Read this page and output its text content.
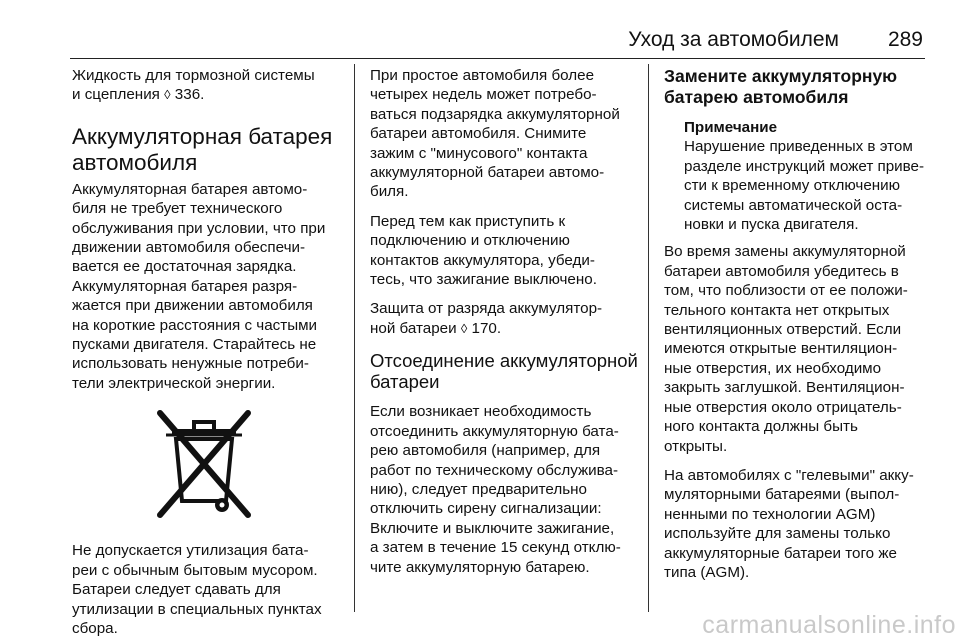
Уход за автомобилем 289

Жидкость для тормозной системы
и сцепления ◊ 336.

Аккумуляторная батарея автомобиля

Аккумуляторная батарея автомо-
биля не требует технического
обслуживания при условии, что при
движении автомобиля обеспечи-
вается ее достаточная зарядка.
Аккумуляторная батарея разря-
жается при движении автомобиля
на короткие расстояния с частыми
пусками двигателя. Старайтесь не
использовать ненужные потреби-
тели электрической энергии.

Не допускается утилизация бата-
реи с обычным бытовым мусором.
Батареи следует сдавать для
утилизации в специальных пунктах
сбора.

При простое автомобиля более
четырех недель может потребо-
ваться подзарядка аккумуляторной
батареи автомобиля. Снимите
зажим с "минусового" контакта
аккумуляторной батареи автомо-
биля.

Перед тем как приступить к
подключению и отключению
контактов аккумулятора, убеди-
тесь, что зажигание выключено.

Защита от разряда аккумулятор-
ной батареи ◊ 170.

Отсоединение аккумуляторной
батареи

Если возникает необходимость
отсоединить аккумуляторную бата-
рею автомобиля (например, для
работ по техническому обслужива-
нию), следует предварительно
отключить сирену сигнализации:
Включите и выключите зажигание,
а затем в течение 15 секунд отклю-
чите аккумуляторную батарею.

Замените аккумуляторную
батарею автомобиля
Примечание
Нарушение приведенных в этом
разделе инструкций может приве-
сти к временному отключению
системы автоматической оста-
новки и пуска двигателя.

Во время замены аккумуляторной
батареи автомобиля убедитесь в
том, что поблизости от ее положи-
тельного контакта нет открытых
вентиляционных отверстий. Если
имеются открытые вентиляцион-
ные отверстия, их необходимо
закрыть заглушкой. Вентиляцион-
ные отверстия около отрицатель-
ного контакта должны быть
открыты.

На автомобилях с "гелевыми" акку-
муляторными батареями (выпол-
ненными по технологии AGM)
используйте для замены только
аккумуляторные батареи того же
типа (AGM).

carmanualsonline.info
